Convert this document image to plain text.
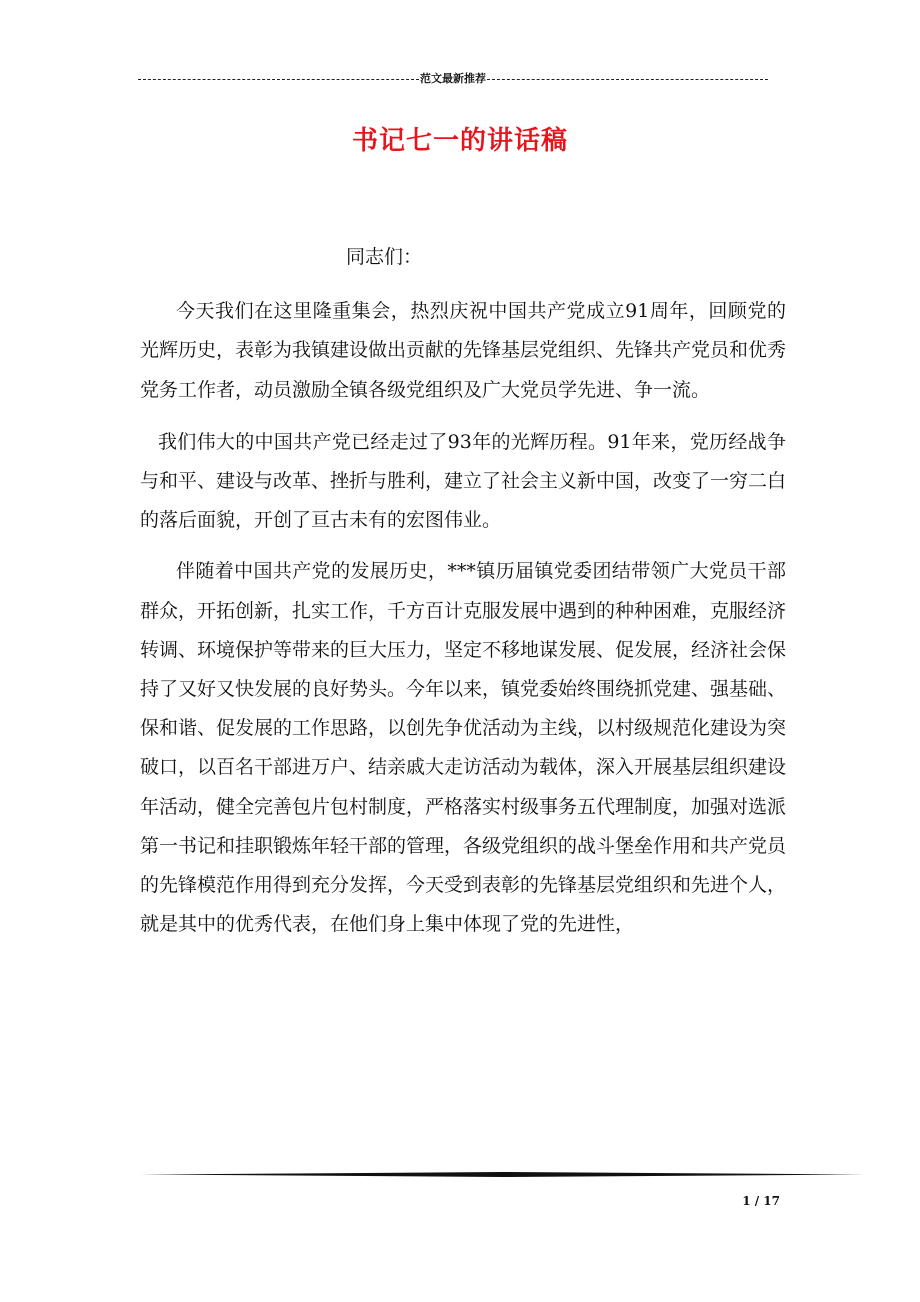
范文最新推荐
书记七一的讲话稿

同志们：

今天我们在这里隆重集会，热烈庆祝中国共产党成立91周年，回顾党的光辉历史，表彰为我镇建设做出贡献的先锋基层党组织、先锋共产党员和优秀党务工作者，动员激励全镇各级党组织及广大党员学先进、争一流。

我们伟大的中国共产党已经走过了93年的光辉历程。91年来，党历经战争与和平、建设与改革、挫折与胜利，建立了社会主义新中国，改变了一穷二白的落后面貌，开创了亘古未有的宏图伟业。

伴随着中国共产党的发展历史，***镇历届镇党委团结带领广大党员干部群众，开拓创新，扎实工作，千方百计克服发展中遇到的种种困难，克服经济转调、环境保护等带来的巨大压力，坚定不移地谋发展、促发展，经济社会保持了又好又快发展的良好势头。今年以来，镇党委始终围绕抓党建、强基础、保和谐、促发展的工作思路，以创先争优活动为主线，以村级规范化建设为突破口，以百名干部进万户、结亲戚大走访活动为载体，深入开展基层组织建设年活动，健全完善包片包村制度，严格落实村级事务五代理制度，加强对选派第一书记和挂职锻炼年轻干部的管理，各级党组织的战斗堡垒作用和共产党员的先锋模范作用得到充分发挥，今天受到表彰的先锋基层党组织和先进个人，就是其中的优秀代表，在他们身上集中体现了党的先进性，

1 / 17
